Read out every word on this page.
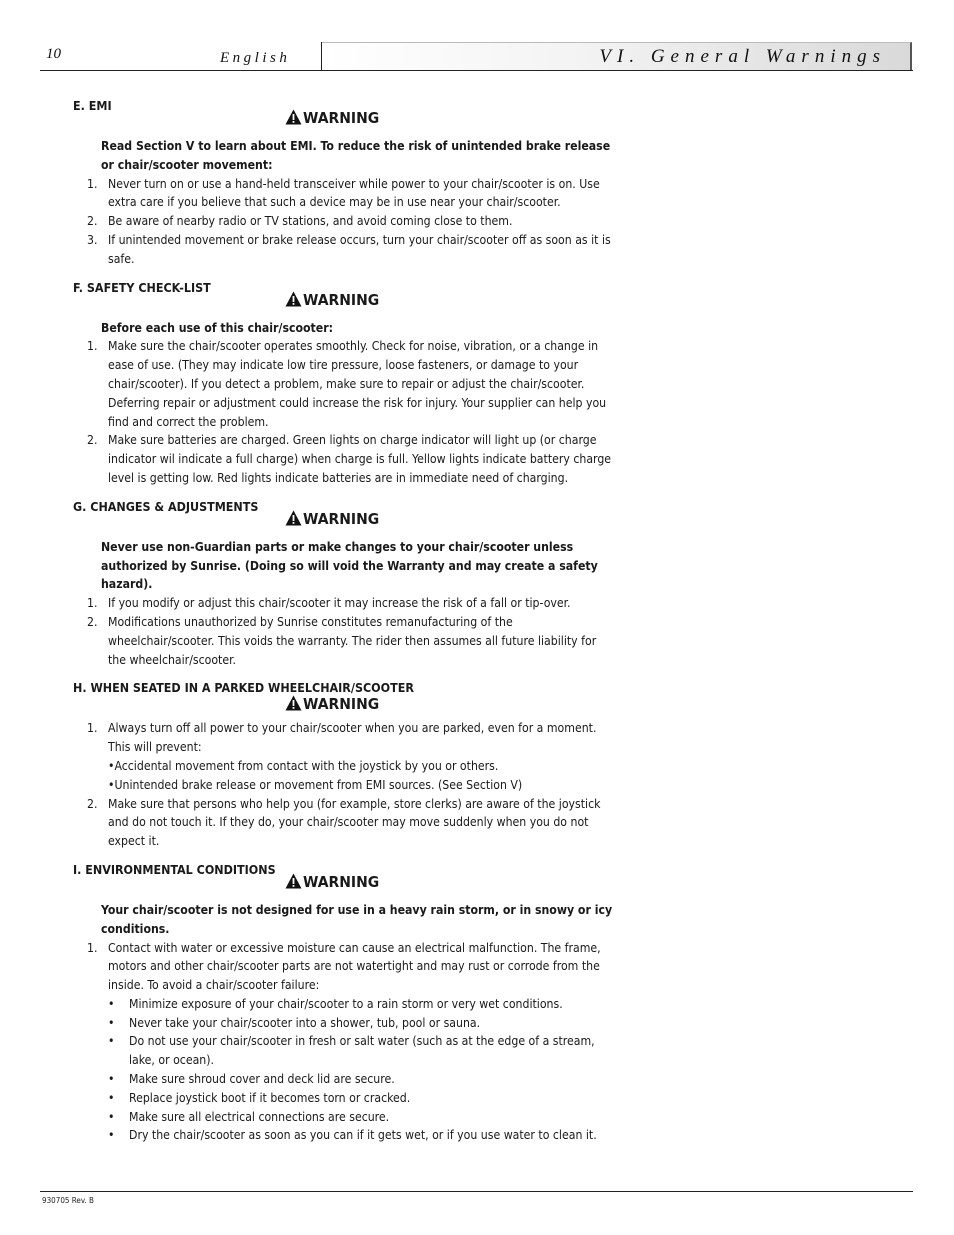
10	English	VI. General Warnings
E. EMI
WARNING
Read Section V to learn about EMI. To reduce the risk of unintended brake release or chair/scooter movement:
1. Never turn on or use a hand-held transceiver while power to your chair/scooter is on. Use extra care if you believe that such a device may be in use near your chair/scooter.
2. Be aware of nearby radio or TV stations, and avoid coming close to them.
3. If unintended movement or brake release occurs, turn your chair/scooter off as soon as it is safe.
F. SAFETY CHECK-LIST
WARNING
Before each use of this chair/scooter:
1. Make sure the chair/scooter operates smoothly. Check for noise, vibration, or a change in ease of use. (They may indicate low tire pressure, loose fasteners, or damage to your chair/scooter). If you detect a problem, make sure to repair or adjust the chair/scooter. Deferring repair or adjustment could increase the risk for injury. Your supplier can help you find and correct the problem.
2. Make sure batteries are charged. Green lights on charge indicator will light up (or charge indicator wil indicate a full charge) when charge is full. Yellow lights indicate battery charge level is getting low. Red lights indicate batteries are in immediate need of charging.
G. CHANGES & ADJUSTMENTS
WARNING
Never use non-Guardian parts or make changes to your chair/scooter unless authorized by Sunrise. (Doing so will void the Warranty and may create a safety hazard).
1. If you modify or adjust this chair/scooter it may increase the risk of a fall or tip-over.
2. Modifications unauthorized by Sunrise constitutes remanufacturing of the wheelchair/scooter. This voids the warranty. The rider then assumes all future liability for the wheelchair/scooter.
H. WHEN SEATED IN A PARKED WHEELCHAIR/SCOOTER
WARNING
1. Always turn off all power to your chair/scooter when you are parked, even for a moment. This will prevent:
•Accidental movement from contact with the joystick by you or others.
•Unintended brake release or movement from EMI sources. (See Section V)
2. Make sure that persons who help you (for example, store clerks) are aware of the joystick and do not touch it. If they do, your chair/scooter may move suddenly when you do not expect it.
I. ENVIRONMENTAL CONDITIONS
WARNING
Your chair/scooter is not designed for use in a heavy rain storm, or in snowy or icy conditions.
1. Contact with water or excessive moisture can cause an electrical malfunction. The frame, motors and other chair/scooter parts are not watertight and may rust or corrode from the inside. To avoid a chair/scooter failure:
• Minimize exposure of your chair/scooter to a rain storm or very wet conditions.
• Never take your chair/scooter into a shower, tub, pool or sauna.
• Do not use your chair/scooter in fresh or salt water (such as at the edge of a stream, lake, or ocean).
• Make sure shroud cover and deck lid are secure.
• Replace joystick boot if it becomes torn or cracked.
• Make sure all electrical connections are secure.
• Dry the chair/scooter as soon as you can if it gets wet, or if you use water to clean it.
930705 Rev. B
